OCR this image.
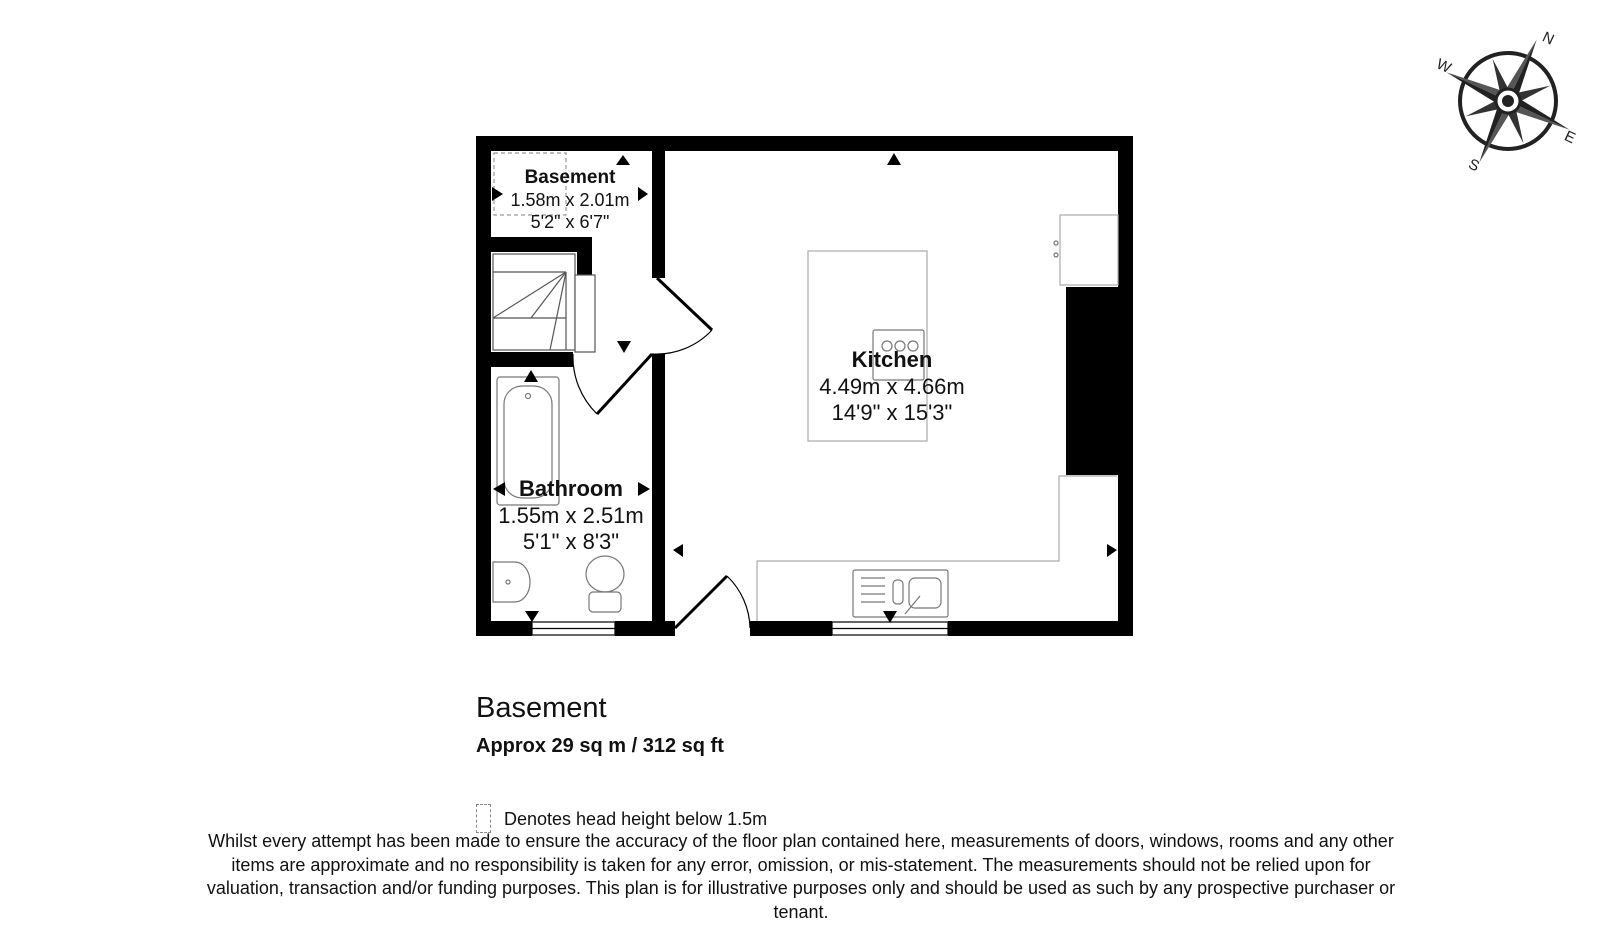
N
W
E
S
Basement
1.58m x 2.01m
5'2" x 6'7"
Kitchen
4.49m x 4.66m
14'9" x 15'3"
Bathroom
1.55m x 2.51m
5'1" x 8'3"
Basement
Approx 29 sq m / 312 sq ft
Denotes head height below 1.5m
Whilst every attempt has been made to ensure the accuracy of the floor plan contained here, measurements of doors, windows, rooms and any other items are approximate and no responsibility is taken for any error, omission, or mis-statement. The measurements should not be relied upon for valuation, transaction and/or funding purposes. This plan is for illustrative purposes only and should be used as such by any prospective purchaser or tenant.
